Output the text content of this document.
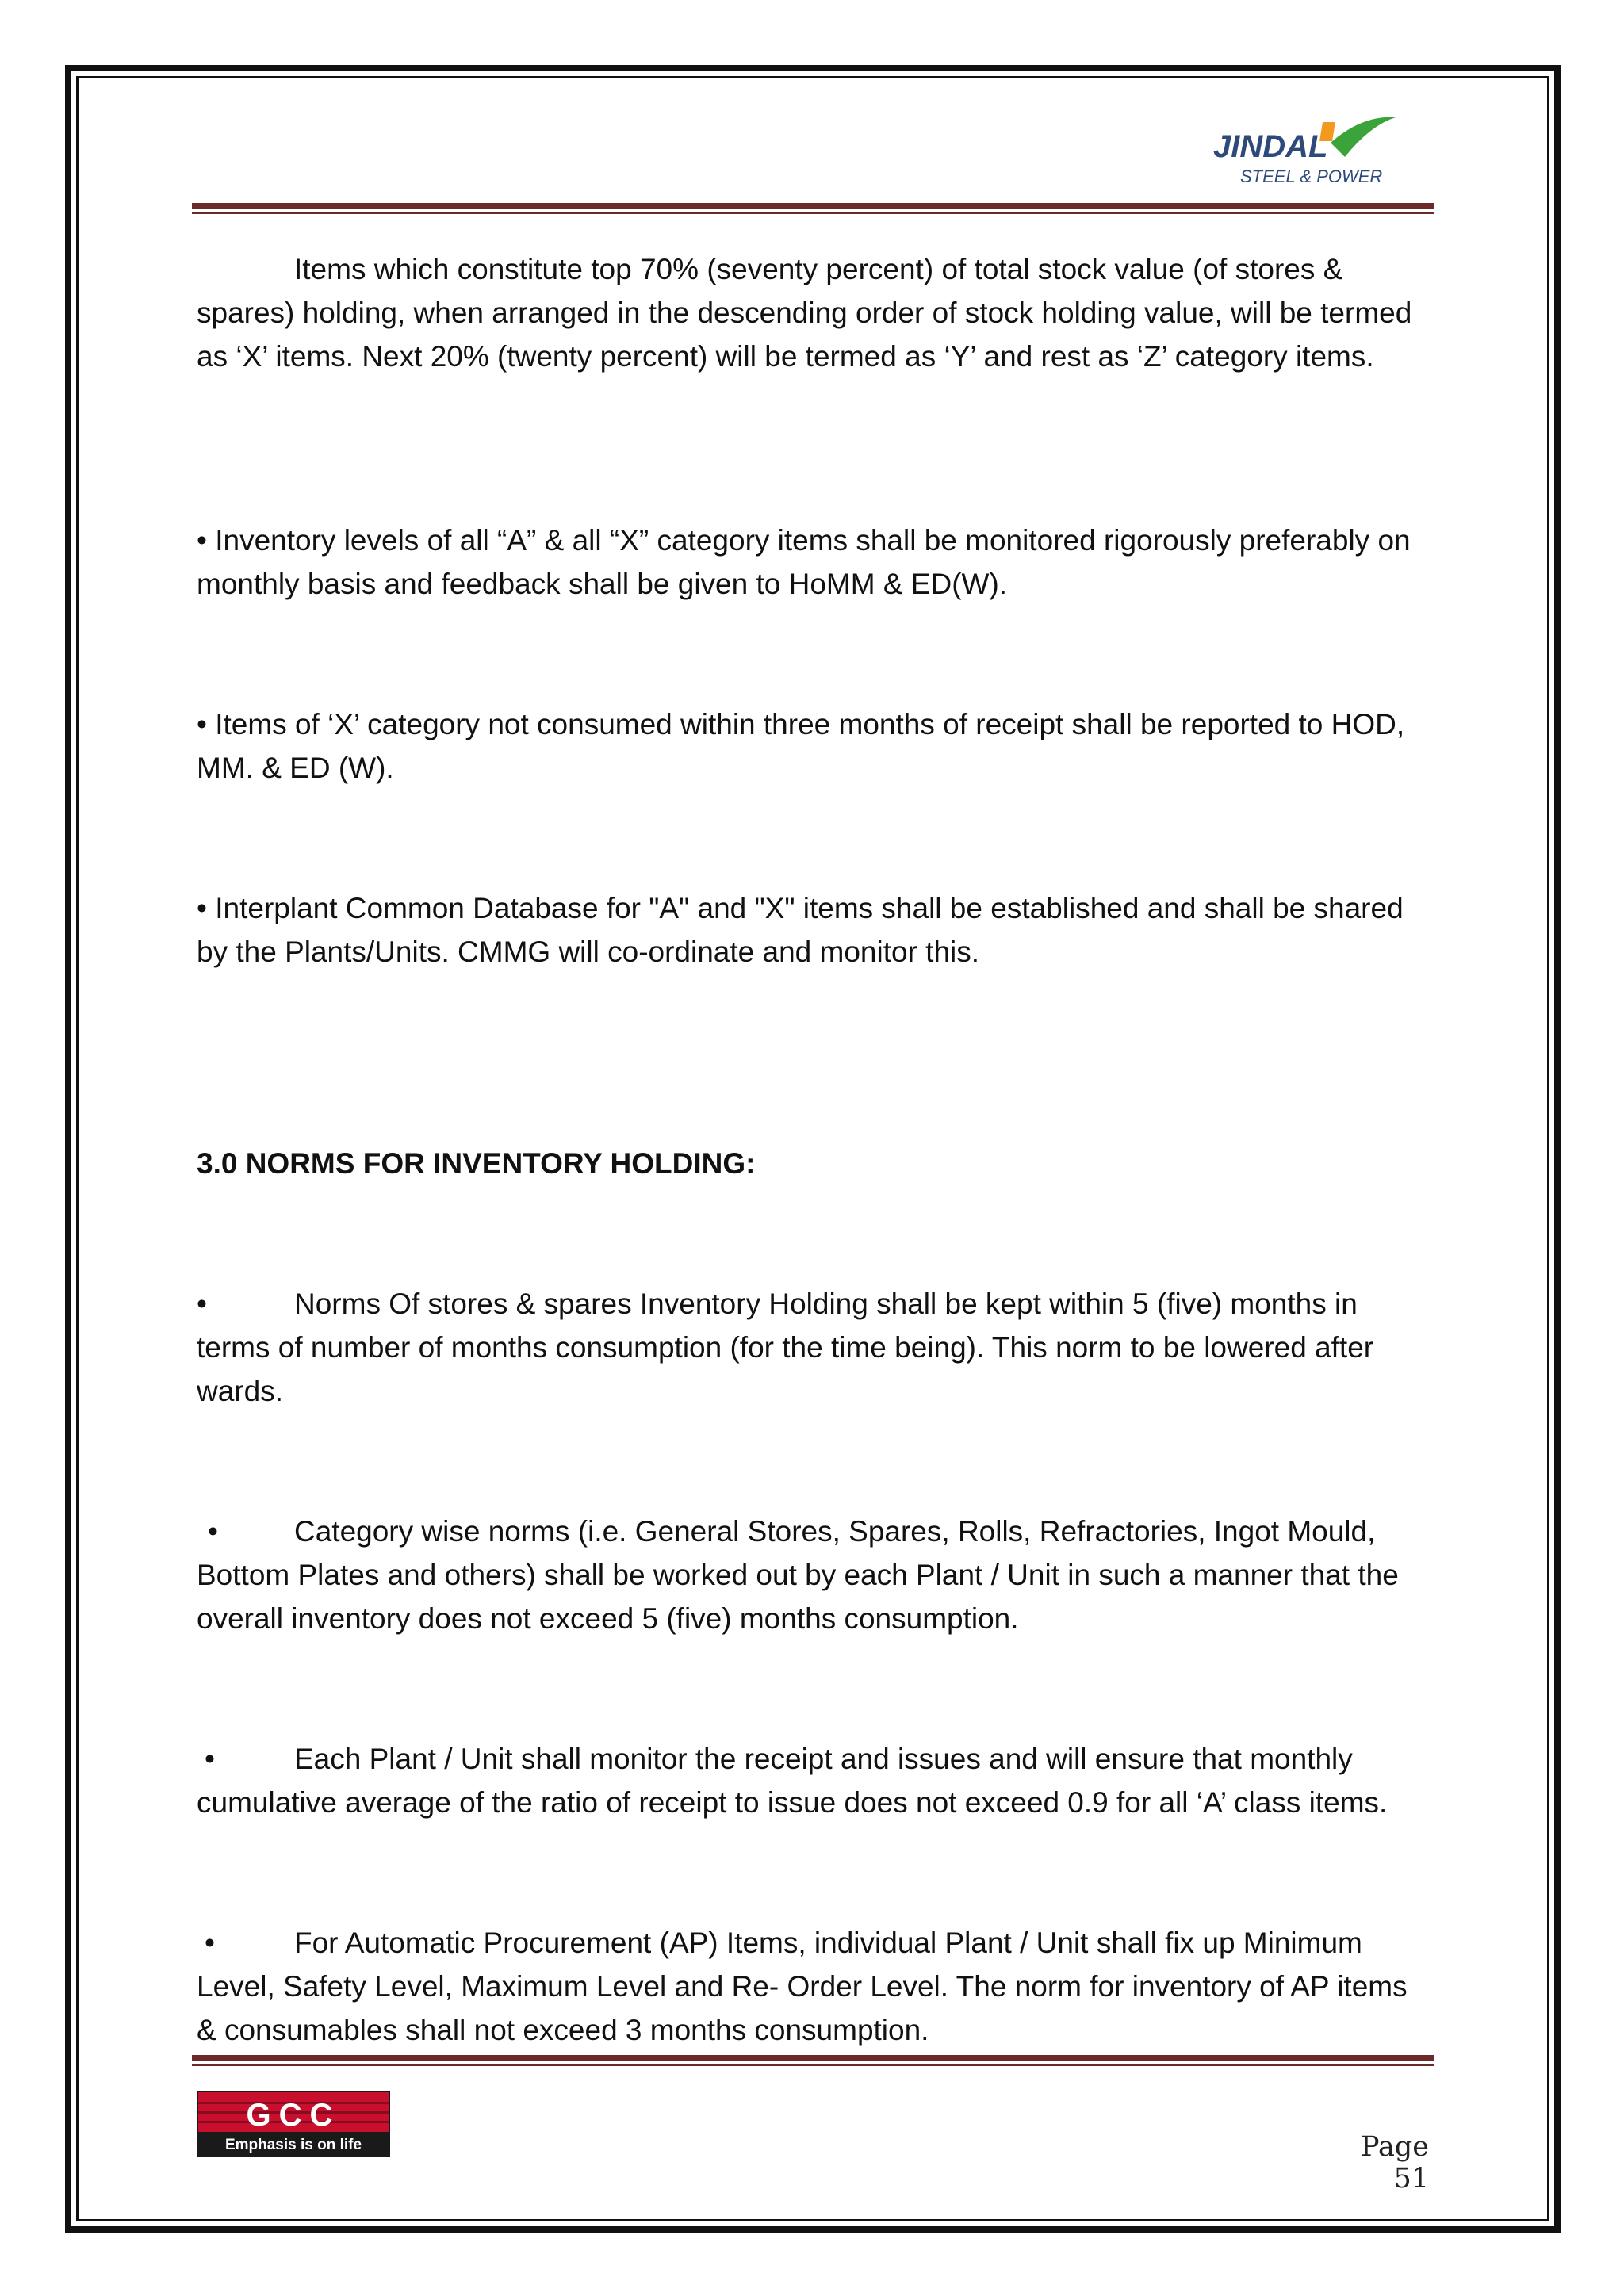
JINDAL
STEEL & POWER

Items which constitute top 70% (seventy percent) of total stock value (of stores & spares) holding, when arranged in the descending order of stock holding value, will be termed as ‘X’ items. Next 20% (twenty percent) will be termed as ‘Y’ and rest as ‘Z’ category items.

• Inventory levels of all “A” & all “X” category items shall be monitored rigorously preferably on monthly basis and feedback shall be given to HoMM & ED(W).

• Items of ‘X’ category not consumed within three months of receipt shall be reported to HOD, MM. & ED (W).

• Interplant Common Database for "A" and "X" items shall be established and shall be shared by the Plants/Units. CMMG will co-ordinate and monitor this.

3.0 NORMS FOR INVENTORY HOLDING:

•	Norms Of stores & spares Inventory Holding shall be kept within 5 (five) months in terms of number of months consumption (for the time being). This norm to be lowered after wards.

•	Category wise norms (i.e. General Stores, Spares, Rolls, Refractories, Ingot Mould, Bottom Plates and others) shall be worked out by each Plant / Unit in such a manner that the overall inventory does not exceed 5 (five) months consumption.

•	Each Plant / Unit shall monitor the receipt and issues and will ensure that monthly cumulative average of the ratio of receipt to issue does not exceed 0.9 for all ‘A’ class items.

•	For Automatic Procurement (AP) Items, individual Plant / Unit shall fix up Minimum Level, Safety Level, Maximum Level and Re- Order Level. The norm for inventory of AP items & consumables shall not exceed 3 months consumption.

GCC
Emphasis is on life	Page 51
